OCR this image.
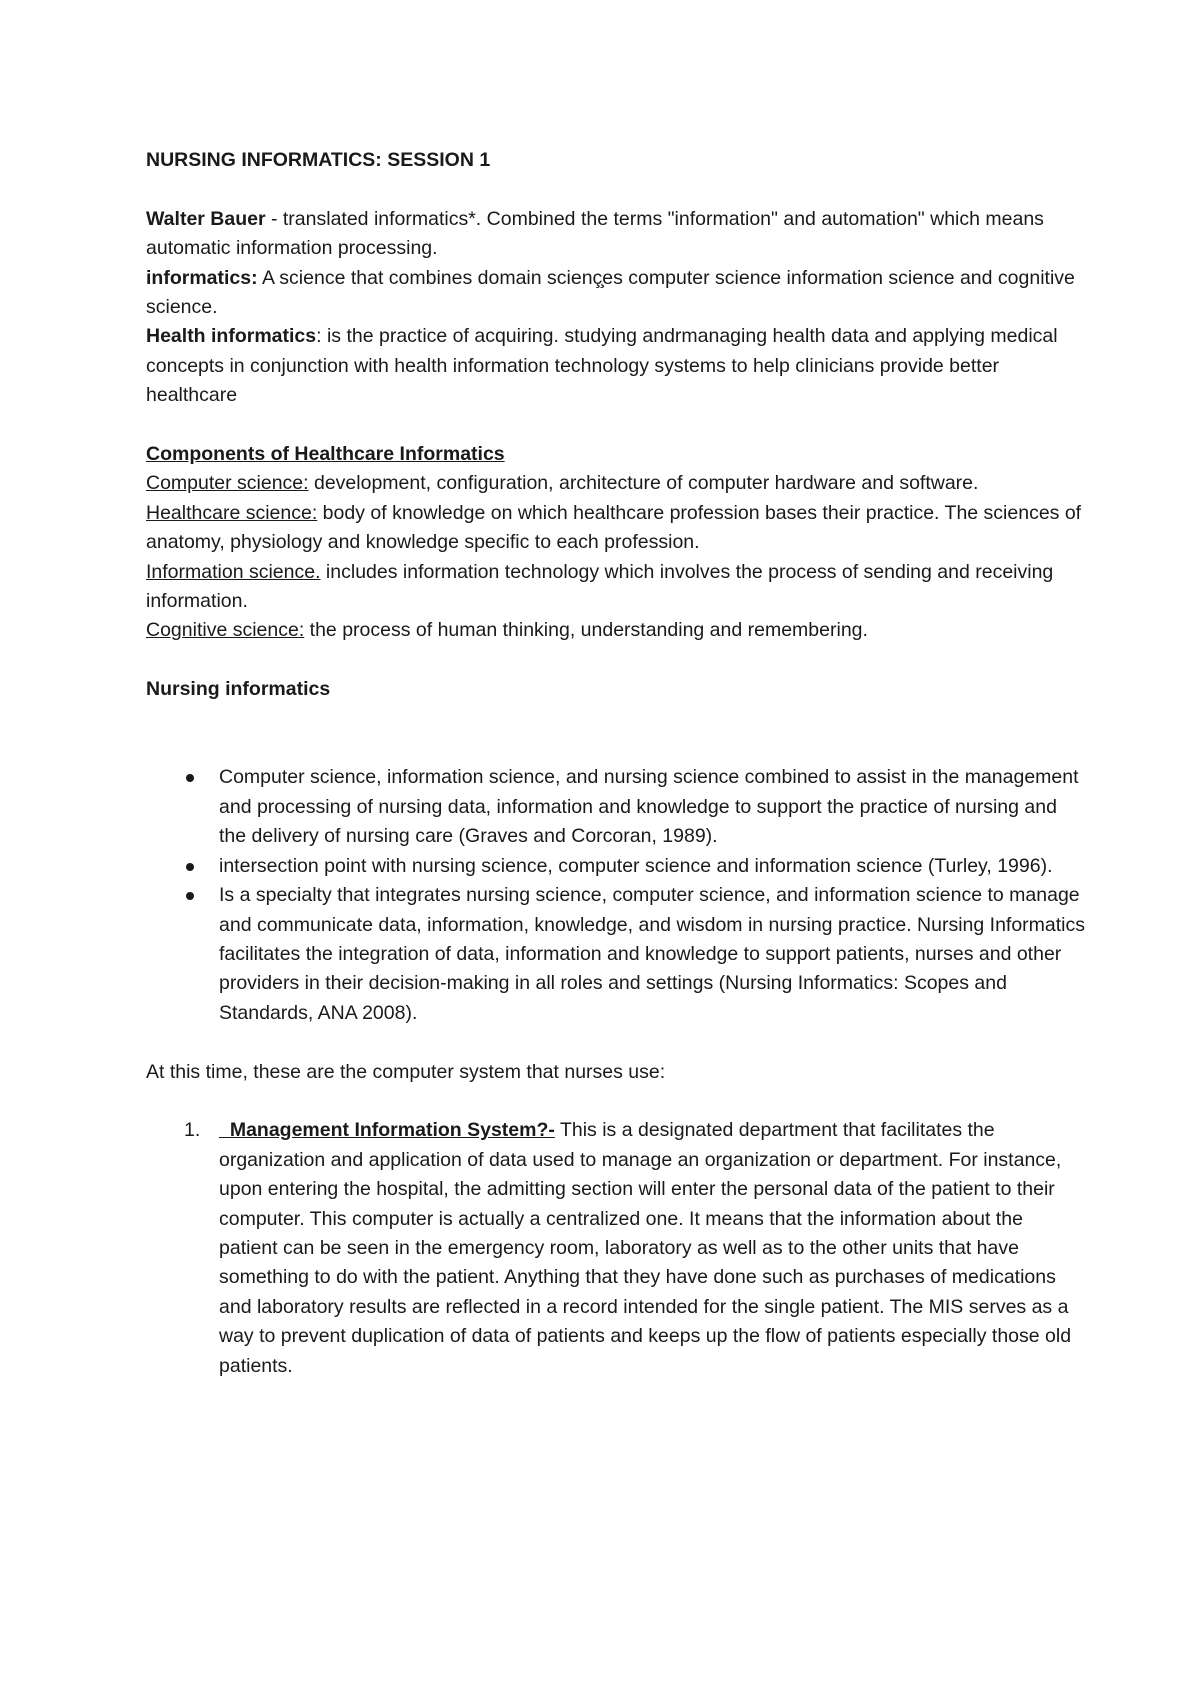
NURSING INFORMATICS: SESSION 1

Walter Bauer - translated informatics*. Combined the terms "information" and automation" which means automatic information processing.

informatics: A science that combines domain scienç̧es computer science information science and cognitive science.

Health informatics: is the practice of acquiring. studying andrmanaging health data and applying medical concepts in conjunction with health information technology systems to help clinicians provide better healthcare

Components of Healthcare Informatics

Computer science: development, configuration, architecture of computer hardware and software.

Healthcare science: body of knowledge on which healthcare profession bases their practice. The sciences of anatomy, physiology and knowledge specific to each profession.

Information science. includes information technology which involves the process of sending and receiving information.

Cognitive science: the process of human thinking, understanding and remembering.

Nursing informatics

Computer science, information science, and nursing science combined to assist in the management and processing of nursing data, information and knowledge to support the practice of nursing and the delivery of nursing care (Graves and Corcoran, 1989).
intersection point with nursing science, computer science and information science (Turley, 1996).
Is a specialty that integrates nursing science, computer science, and information science to manage and communicate data, information, knowledge, and wisdom in nursing practice. Nursing Informatics facilitates the integration of data, information and knowledge to support patients, nurses and other providers in their decision-making in all roles and settings (Nursing Informatics: Scopes and Standards, ANA 2008).

At this time, these are the computer system that nurses use:

1. Management Information System?- This is a designated department that facilitates the organization and application of data used to manage an organization or department. For instance, upon entering the hospital, the admitting section will enter the personal data of the patient to their computer. This computer is actually a centralized one. It means that the information about the patient can be seen in the emergency room, laboratory as well as to the other units that have something to do with the patient. Anything that they have done such as purchases of medications and laboratory results are reflected in a record intended for the single patient. The MIS serves as a way to prevent duplication of data of patients and keeps up the flow of patients especially those old patients.
